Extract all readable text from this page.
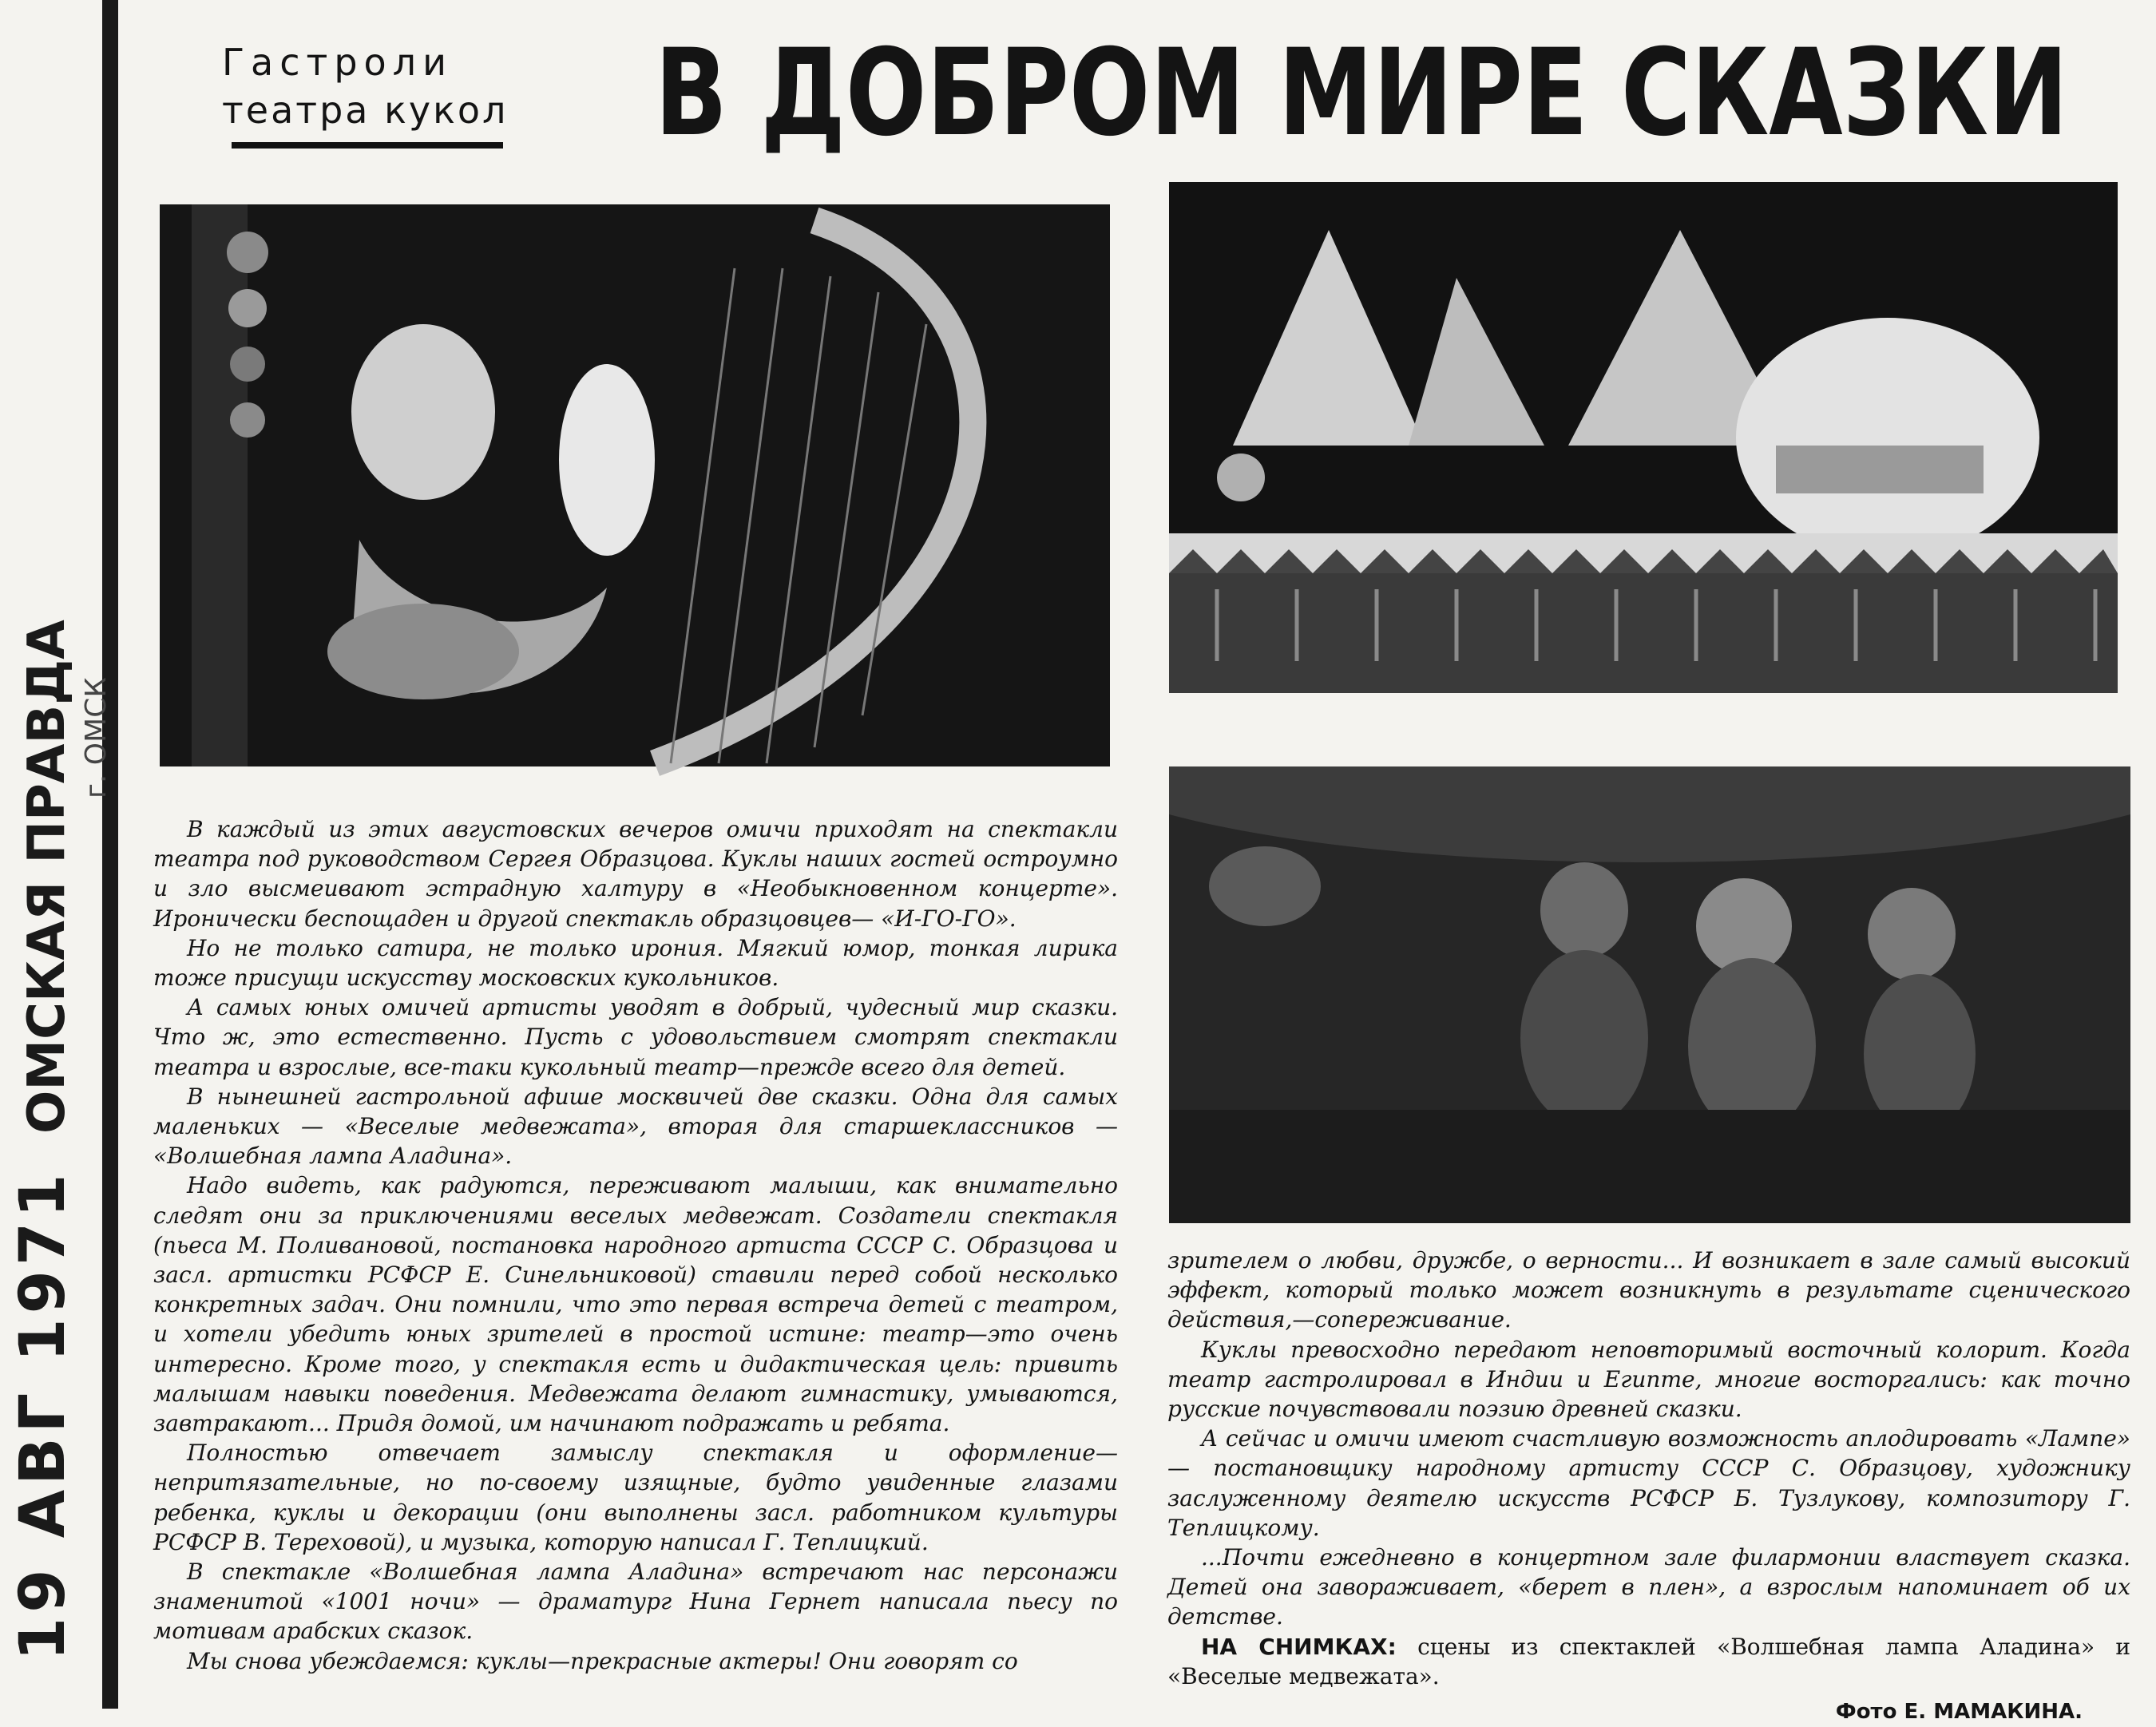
19 АВГ 1971
ОМСКАЯ ПРАВДА г. ОМСК
Гастроли
театра кукол В ДОБРОМ МИРЕ СКАЗКИ

В каждый из этих августовских вечеров омичи приходят на спектакли театра под руководством Сергея Образцова. Куклы наших гостей остроумно и зло высмеивают эстрадную халтуру в «Необыкновенном концерте». Иронически беспощаден и другой спектакль образцовцев— «И-ГО-ГО».

Но не только сатира, не только ирония. Мягкий юмор, тонкая лирика тоже присущи искусству московских кукольников.

А самых юных омичей артисты уводят в добрый, чудесный мир сказки. Что ж, это естественно. Пусть с удовольствием смотрят спектакли театра и взрослые, все-таки кукольный театр—прежде всего для детей.

В нынешней гастрольной афише москвичей две сказки. Одна для самых маленьких — «Веселые медвежата», вторая для старшеклассников — «Волшебная лампа Аладина».

Надо видеть, как радуются, переживают малыши, как внимательно следят они за приключениями веселых медвежат. Создатели спектакля (пьеса М. Поливановой, постановка народного артиста СССР С. Образцова и засл. артистки РСФСР Е. Синельниковой) ставили перед собой несколько конкретных задач. Они помнили, что это первая встреча детей с театром, и хотели убедить юных зрителей в простой истине: театр—это очень интересно. Кроме того, у спектакля есть и дидактическая цель: привить малышам навыки поведения. Медвежата делают гимнастику, умываются, завтракают... Придя домой, им начинают подражать и ребята.

Полностью отвечает замыслу спектакля и оформление—непритязательные, но по-своему изящные, будто увиденные глазами ребенка, куклы и декорации (они выполнены засл. работником культуры РСФСР В. Тереховой), и музыка, которую написал Г. Теплицкий.

В спектакле «Волшебная лампа Аладина» встречают нас персонажи знаменитой «1001 ночи» — драматург Нина Гернет написала пьесу по мотивам арабских сказок.

Мы снова убеждаемся: куклы—прекрасные актеры! Они говорят со

зрителем о любви, дружбе, о верности... И возникает в зале самый высокий эффект, который только может возникнуть в результате сценического действия,—сопереживание.

Куклы превосходно передают неповторимый восточный колорит. Когда театр гастролировал в Индии и Египте, многие восторгались: как точно русские почувствовали поэзию древней сказки.

А сейчас и омичи имеют счастливую возможность аплодировать «Лампе» — постановщику народному артисту СССР С. Образцову, художнику заслуженному деятелю искусств РСФСР Б. Тузлукову, композитору Г. Теплицкому.

...Почти ежедневно в концертном зале филармонии властвует сказка. Детей она завораживает, «берет в плен», а взрослым напоминает об их детстве.

НА СНИМКАХ: сцены из спектаклей «Волшебная лампа Аладина» и «Веселые медвежата».

Фото Е. МАМАКИНА.
